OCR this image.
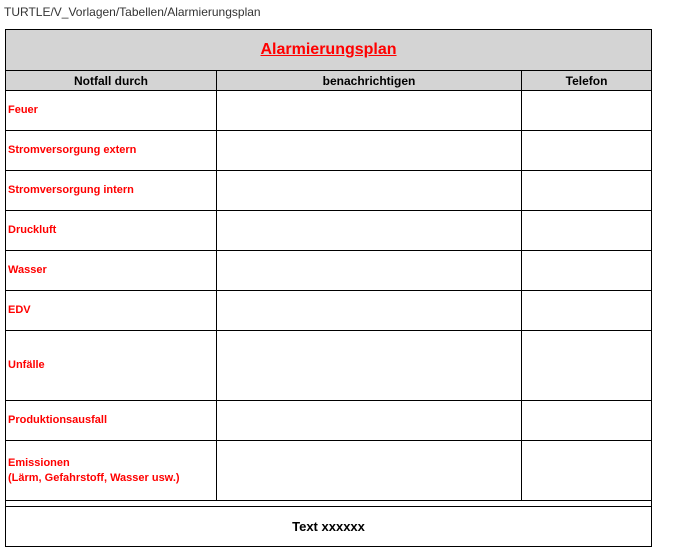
TURTLE/V_Vorlagen/Tabellen/Alarmierungsplan
Alarmierungsplan		
Notfall durch	benachrichtigen	Telefon

Feuer		

Stromversorgung extern		

Stromversorgung intern		

Druckluft		

Wasser		

EDV		

Unfälle		

Produktionsausfall		

Emissionen
(Lärm, Gefahrstoff, Wasser usw.)		

Text xxxxxx		
